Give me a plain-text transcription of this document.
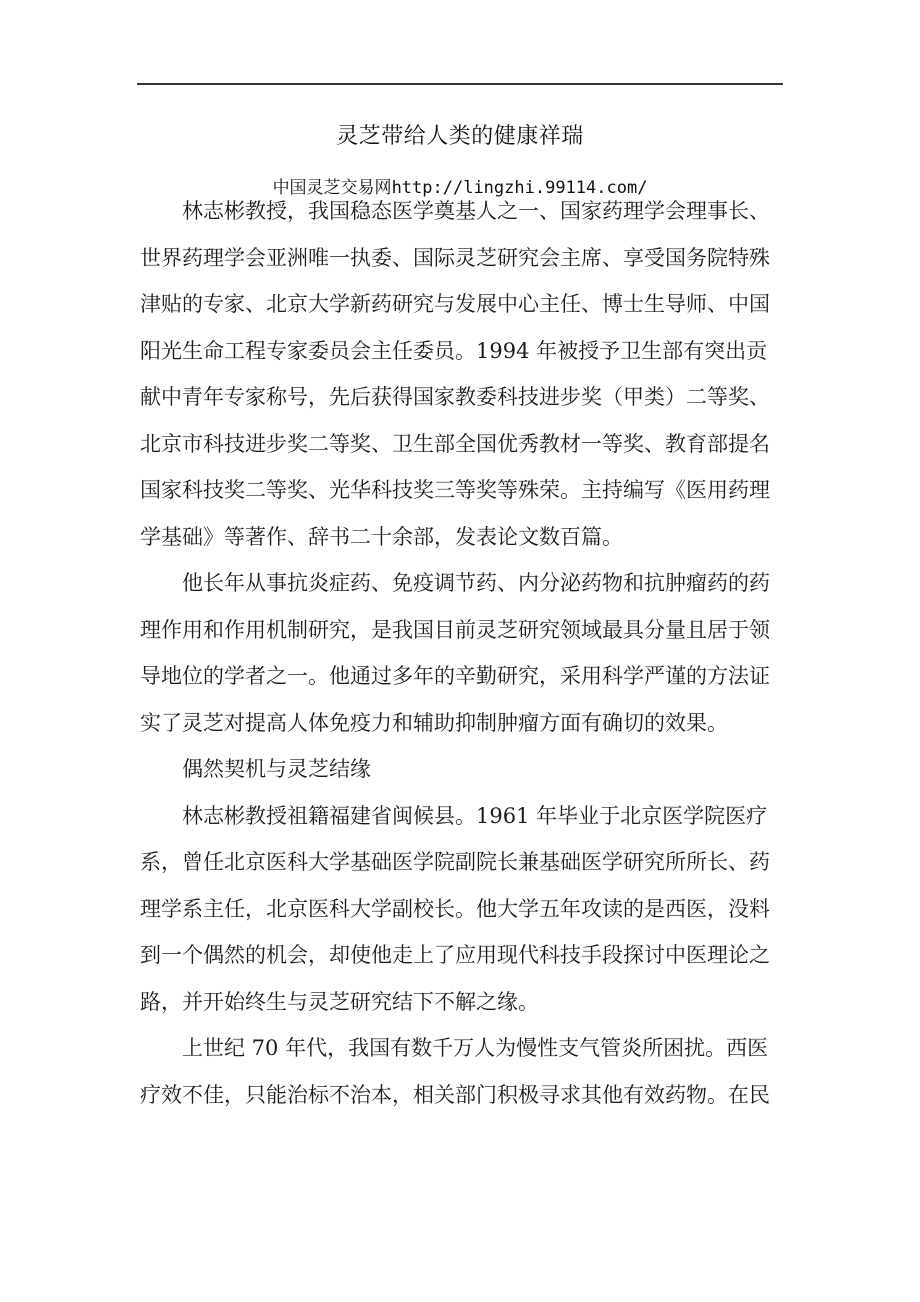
灵芝带给人类的健康祥瑞
中国灵芝交易网http://lingzhi.99114.com/

林志彬教授，我国稳态医学奠基人之一、国家药理学会理事长、
世界药理学会亚洲唯一执委、国际灵芝研究会主席、享受国务院特殊
津贴的专家、北京大学新药研究与发展中心主任、博士生导师、中国
阳光生命工程专家委员会主任委员。1994 年被授予卫生部有突出贡
献中青年专家称号，先后获得国家教委科技进步奖（甲类）二等奖、
北京市科技进步奖二等奖、卫生部全国优秀教材一等奖、教育部提名
国家科技奖二等奖、光华科技奖三等奖等殊荣。主持编写《医用药理
学基础》等著作、辞书二十余部，发表论文数百篇。

他长年从事抗炎症药、免疫调节药、内分泌药物和抗肿瘤药的药
理作用和作用机制研究，是我国目前灵芝研究领域最具分量且居于领
导地位的学者之一。他通过多年的辛勤研究，采用科学严谨的方法证
实了灵芝对提高人体免疫力和辅助抑制肿瘤方面有确切的效果。

偶然契机与灵芝结缘

林志彬教授祖籍福建省闽候县。1961 年毕业于北京医学院医疗
系，曾任北京医科大学基础医学院副院长兼基础医学研究所所长、药
理学系主任，北京医科大学副校长。他大学五年攻读的是西医，没料
到一个偶然的机会，却使他走上了应用现代科技手段探讨中医理论之
路，并开始终生与灵芝研究结下不解之缘。

上世纪 70 年代，我国有数千万人为慢性支气管炎所困扰。西医
疗效不佳，只能治标不治本，相关部门积极寻求其他有效药物。在民
